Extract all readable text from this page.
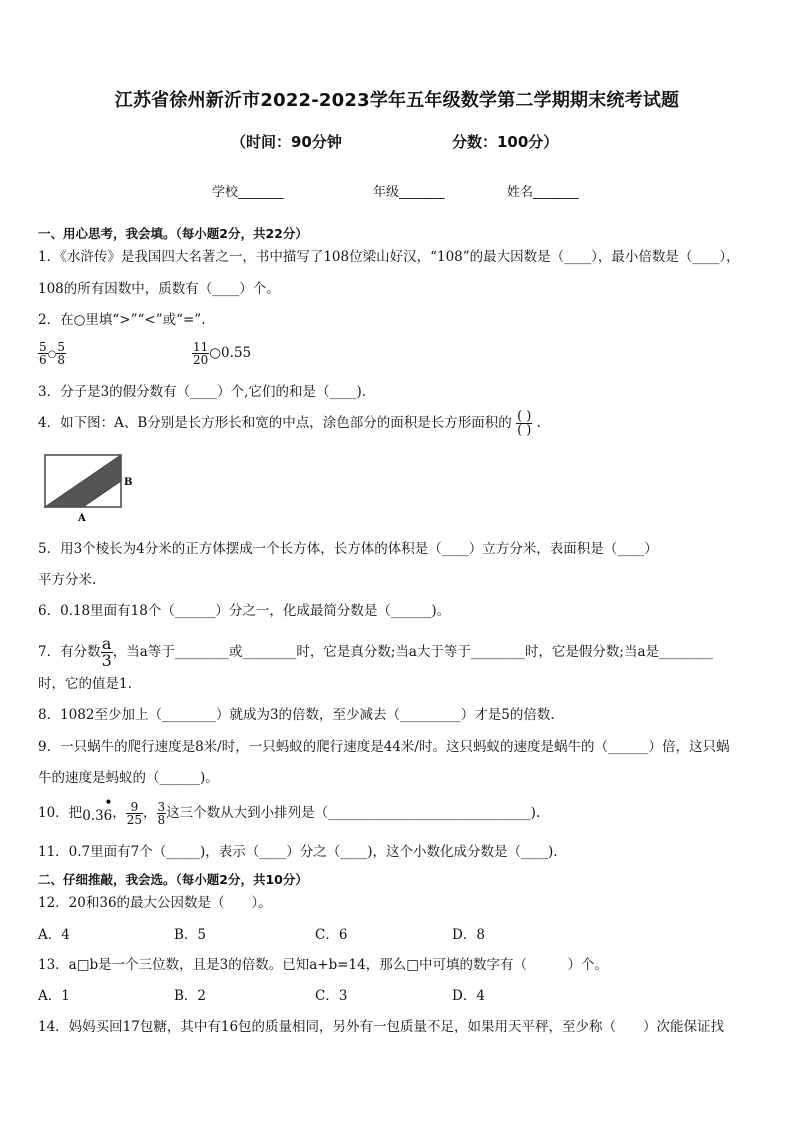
江苏省徐州新沂市2022-2023学年五年级数学第二学期期末统考试题
（时间：90分钟	分数：100分）
学校_______	年级_______	姓名_______
一、用心思考，我会填。（每小题2分，共22分）
1．《水浒传》是我国四大名著之一，书中描写了108位梁山好汉，“108”的最大因数是（____），最小倍数是（____），
108的所有因数中，质数有（____）个。
2．在○里填“>”“<”或“=”.
$\frac{5}{6}$ ○ $\frac{5}{8}$	$\frac{11}{20}$ ○0.55
3．分子是3的假分数有（____）个,它们的和是（____).
4．如下图：A、B分别是长方形长和宽的中点，涂色部分的面积是长方形面积的 $\frac{( )}{( )}$ .
B
A
5．用3个棱长为4分米的正方体摆成一个长方体，长方体的体积是（____）立方分米，表面积是（____）
平方分米.
6．0.18里面有18个（______）分之一，化成最简分数是（______)。
7．有分数 $\frac{a}{3}$ ，当a等于________或________时，它是真分数;当a大于等于________时，它是假分数;当a是________
时，它的值是1.
8．1082至少加上（________）就成为3的倍数，至少减去（_________）才是5的倍数.
9．一只蜗牛的爬行速度是8米/时，一只蚂蚁的爬行速度是44米/时。这只蚂蚁的速度是蜗牛的（______）倍，这只蜗
牛的速度是蚂蚁的（______)。
10．把0.3
•
6， $\frac{9}{25}$ ， $\frac{3}{8}$ 这三个数从大到小排列是（______________________________).
11．0.7里面有7个（_____)，表示（____）分之（____)，这个小数化成分数是（____).
二、仔细推敲，我会选。（每小题2分，共10分）
12．20和36的最大公因数是（　　）。
A．4	B．5	C．6	D．8
13．a□b是一个三位数，且是3的倍数。已知a+b=14，那么□中可填的数字有（　　　）个。
A．1	B．2	C．3	D．4
14．妈妈买回17包糖，其中有16包的质量相同，另外有一包质量不足，如果用天平秤，至少称（　　）次能保证找
